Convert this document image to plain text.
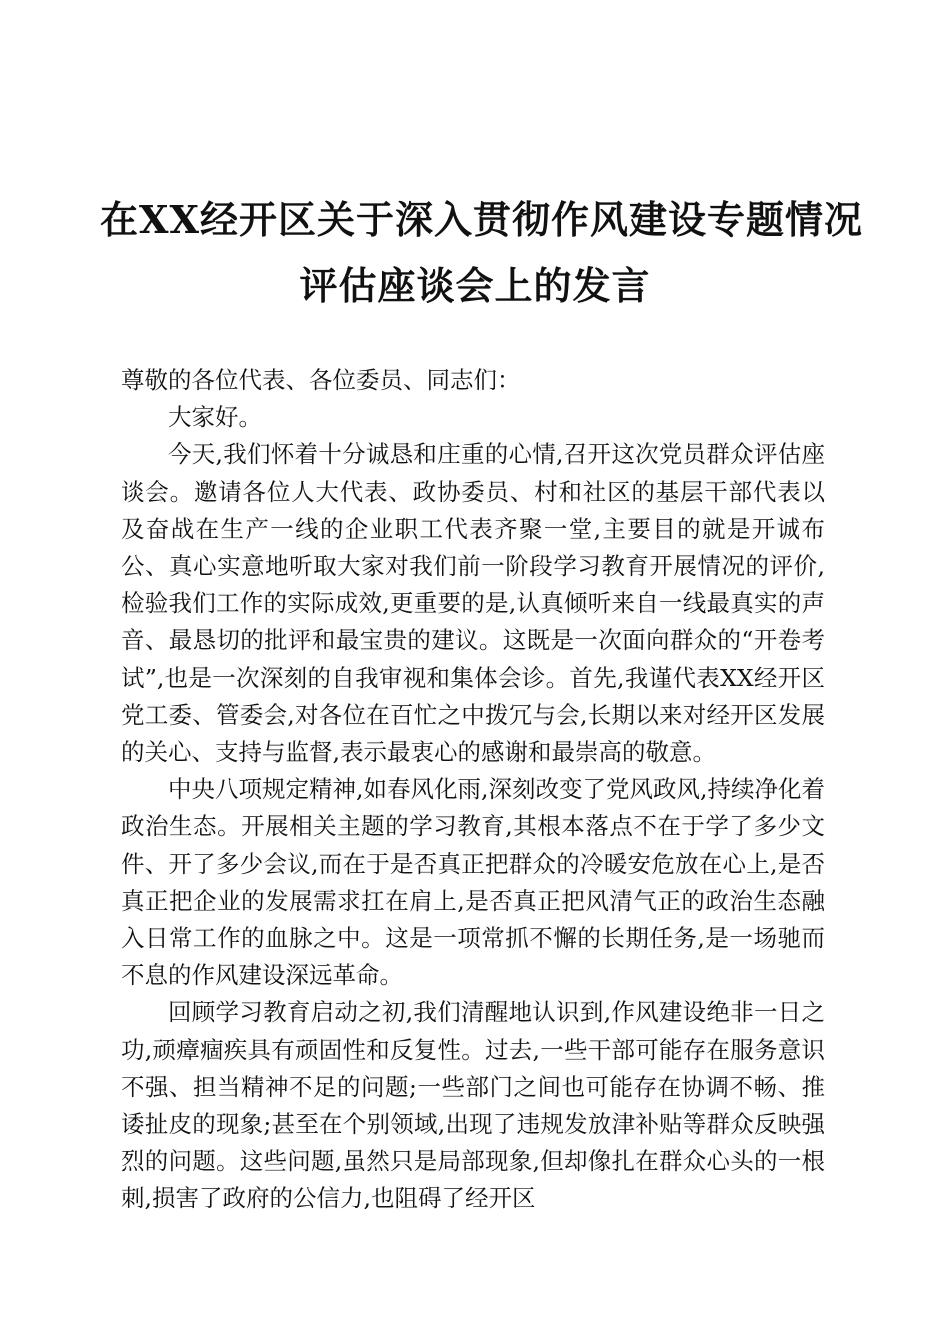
在XX经开区关于深入贯彻作风建设专题情况
评估座谈会上的发言

尊敬的各位代表、各位委员、同志们：

大家好。

今天,我们怀着十分诚恳和庄重的心情,召开这次党员群众评估座谈会。邀请各位人大代表、政协委员、村和社区的基层干部代表以及奋战在生产一线的企业职工代表齐聚一堂,主要目的就是开诚布公、真心实意地听取大家对我们前一阶段学习教育开展情况的评价,检验我们工作的实际成效,更重要的是,认真倾听来自一线最真实的声音、最恳切的批评和最宝贵的建议。这既是一次面向群众的“开卷考试”,也是一次深刻的自我审视和集体会诊。首先,我谨代表XX经开区党工委、管委会,对各位在百忙之中拨冗与会,长期以来对经开区发展的关心、支持与监督,表示最衷心的感谢和最崇高的敬意。

中央八项规定精神,如春风化雨,深刻改变了党风政风,持续净化着政治生态。开展相关主题的学习教育,其根本落点不在于学了多少文件、开了多少会议,而在于是否真正把群众的冷暖安危放在心上,是否真正把企业的发展需求扛在肩上,是否真正把风清气正的政治生态融入日常工作的血脉之中。这是一项常抓不懈的长期任务,是一场驰而不息的作风建设深远革命。

回顾学习教育启动之初,我们清醒地认识到,作风建设绝非一日之功,顽瘴痼疾具有顽固性和反复性。过去,一些干部可能存在服务意识不强、担当精神不足的问题;一些部门之间也可能存在协调不畅、推诿扯皮的现象;甚至在个别领域,出现了违规发放津补贴等群众反映强烈的问题。这些问题,虽然只是局部现象,但却像扎在群众心头的一根刺,损害了政府的公信力,也阻碍了经开区
